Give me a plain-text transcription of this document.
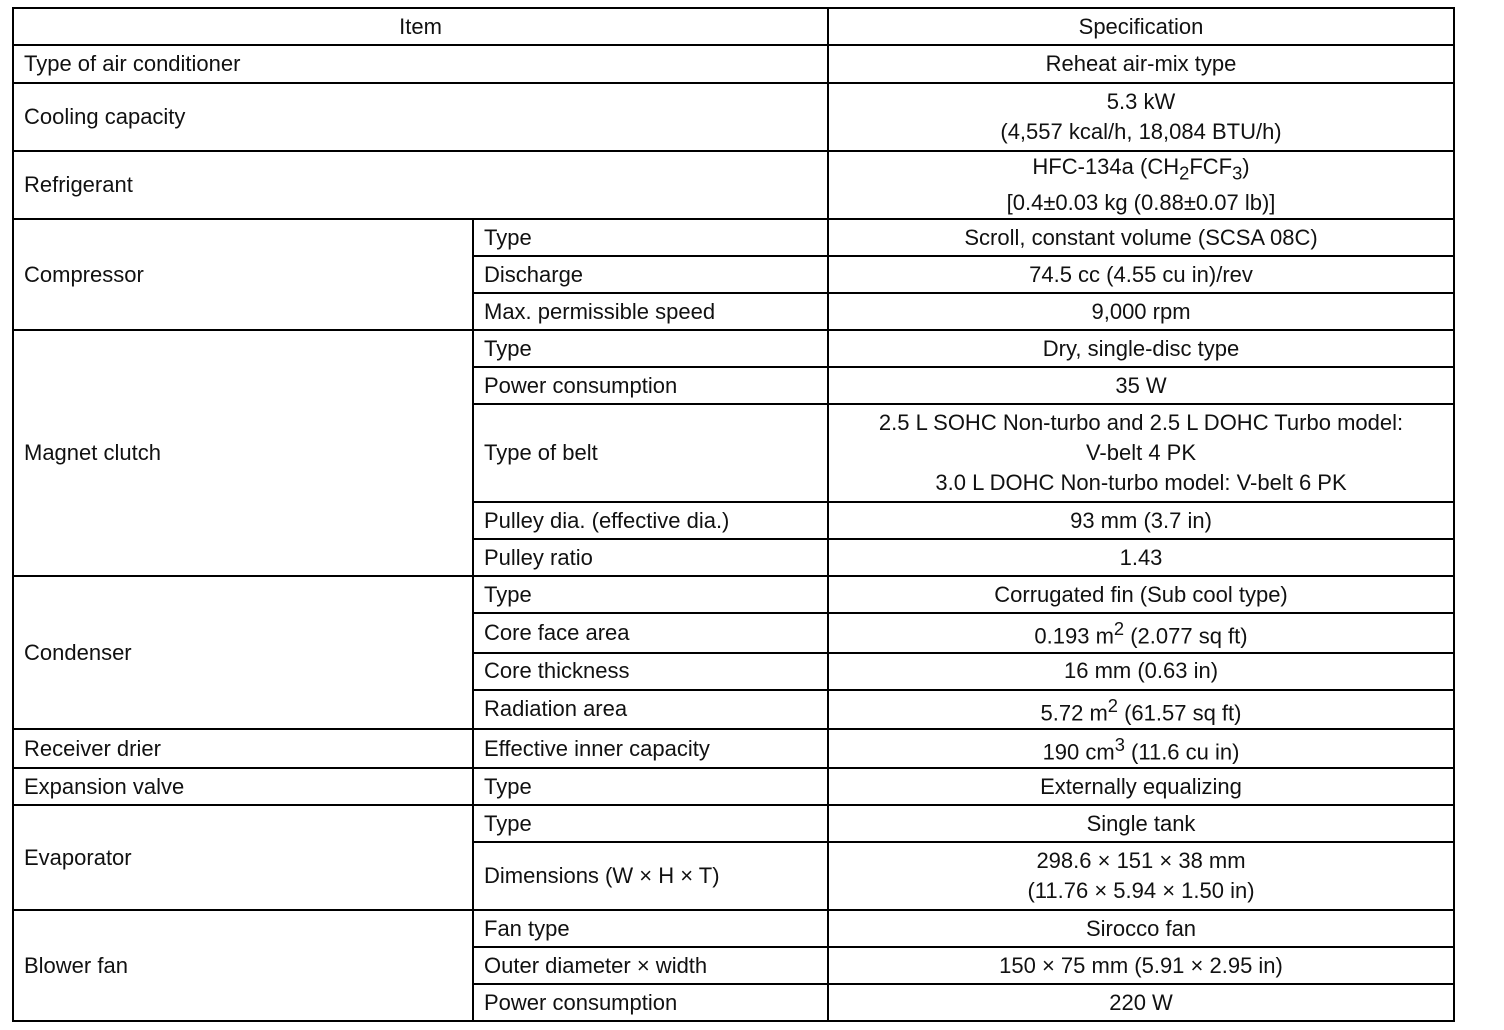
Item		Specification
Type of air conditioner		Reheat air-mix type
Cooling capacity		5.3 kW
(4,557 kcal/h, 18,084 BTU/h)

Refrigerant		HFC-134a $(CH_2FCF_3)$
[0.4±0.03 kg (0.88±0.07 lb)]

Compressor	Type	Scroll, constant volume (SCSA 08C)
	Discharge	74.5 cc (4.55 cu in)/rev
	Max. permissible speed	9,000 rpm
Magnet clutch	Type	Dry, single-disc type
	Power consumption	35 W
	Type of belt	2.5 L SOHC Non-turbo and 2.5 L DOHC Turbo model:
V-belt 4 PK
3.0 L DOHC Non-turbo model: V-belt 6 PK

	Pulley dia. (effective dia.)	93 mm (3.7 in)
	Pulley ratio	1.43
Condenser	Type	Corrugated fin (Sub cool type)
	Core face area	0.193 $m^2$ (2.077 sq ft)
	Core thickness	16 mm (0.63 in)
	Radiation area	5.72 $m^2$ (61.57 sq ft)
Receiver drier	Effective inner capacity	190 $cm^3$ (11.6 cu in)
Expansion valve	Type	Externally equalizing
Evaporator	Type	Single tank
	Dimensions (W × H × T)	298.6 × 151 × 38 mm
(11.76 × 5.94 × 1.50 in)

Blower fan	Fan type	Sirocco fan
	Outer diameter × width	150 × 75 mm (5.91 × 2.95 in)
	Power consumption	220 W
